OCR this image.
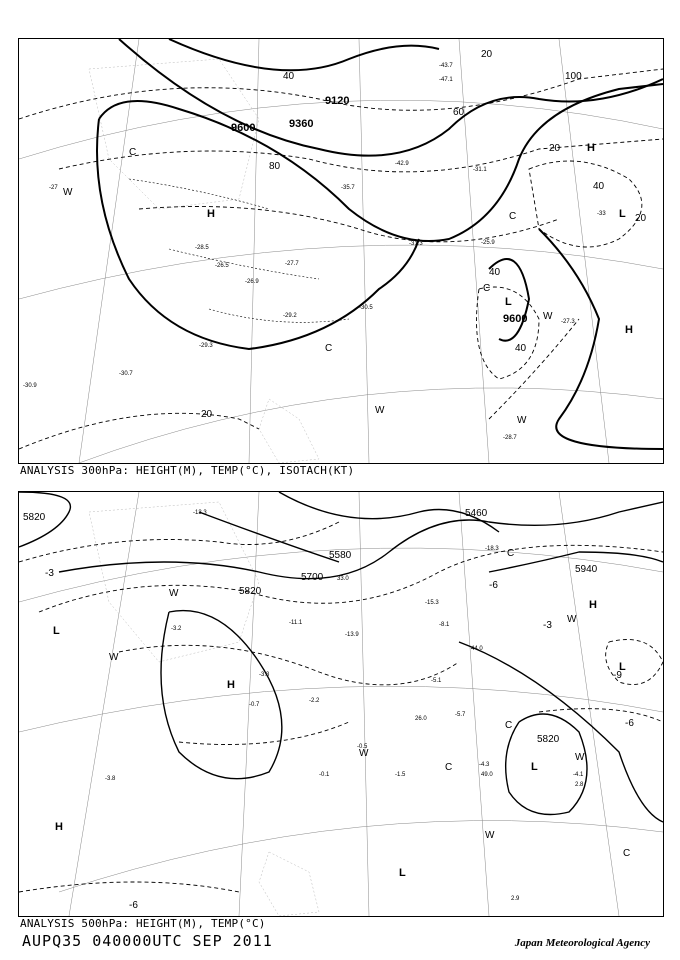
9600	9360
9120
9600
20
40
60
80
100
20
40
40
20
40
20
H
H
H
L
L
C
W
C
C
W
W
C
W
-27
-28.5
-26.5	-27.7
-30.5
-29.3
-30.7
-43.7
-47.1
-42.9
-35.7
-31.3
-26.9
-29.2
-27.3
-28.7
-33
-30.9
-25.9
-31.1
ANALYSIS 300hPa: HEIGHT(M), TEMP(°C), ISOTACH(KT)
5820
5820
5700
5580
5460
5940
5820
-3
-3
-6
-9
-6
-6
L
H
H
L
H
L
L
W
W
C
W
C
C
W
W
W
C
-13.3
-18.3
-15.3
-11.1
-13.9
-5.1
-8.1
-0.7
-1.5
-0.5
-2.2
-5.7
-4.3
-4.1
-3.3
-3.2
-3.8
-0.1
26.0
33.0
44.0
49.0
2.8
2.9
ANALYSIS 500hPa: HEIGHT(M), TEMP(°C)
AUPQ35 040000UTC SEP 2011	Japan Meteorological Agency
